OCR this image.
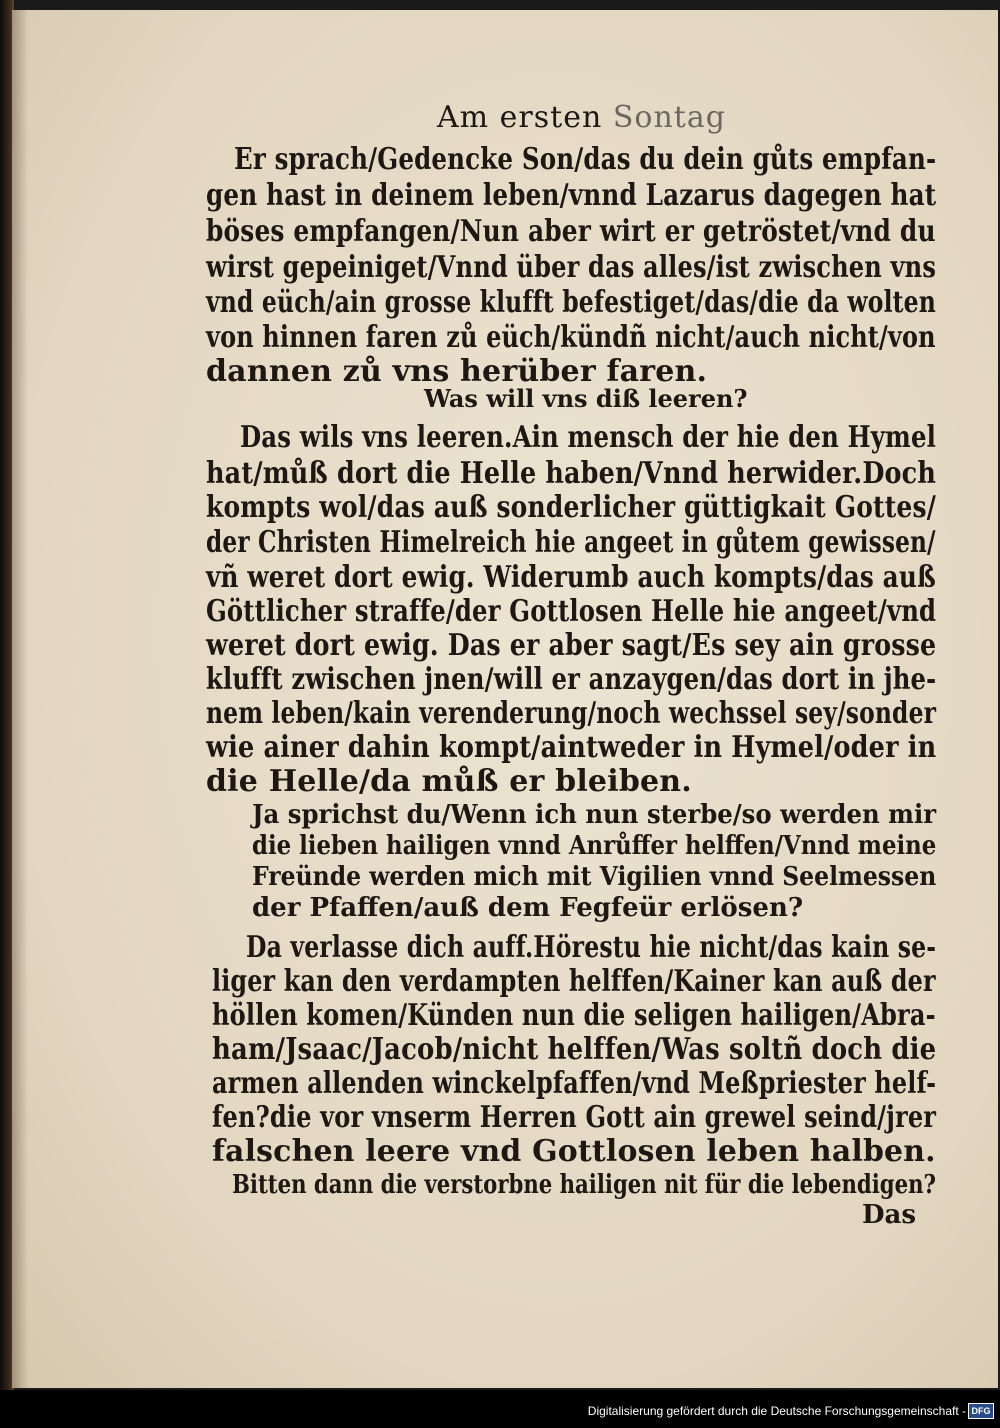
Am ersten Sontag
Er sprach/Gedencke Son/das du dein gůts empfan-
gen hast in deinem leben/vnnd Lazarus dagegen hat
böses empfangen/Nun aber wirt er getröstet/vnd du
wirst gepeiniget/Vnnd über das alles/ist zwischen vns
vnd eüch/ain grosse klufft befestiget/das/die da wolten
von hinnen faren zů eüch/kündñ nicht/auch nicht/von
dannen zů vns herüber faren.
Was will vns diß leeren?
Das wils vns leeren.Ain mensch der hie den Hymel
hat/můß dort die Helle haben/Vnnd herwider.Doch
kompts wol/das auß sonderlicher güttigkait Gottes/
der Christen Himelreich hie angeet in gůtem gewissen/
vñ weret dort ewig. Widerumb auch kompts/das auß
Göttlicher straffe/der Gottlosen Helle hie angeet/vnd
weret dort ewig. Das er aber sagt/Es sey ain grosse
klufft zwischen jnen/will er anzaygen/das dort in jhe-
nem leben/kain verenderung/noch wechssel sey/sonder
wie ainer dahin kompt/aintweder in Hymel/oder in
die Helle/da můß er bleiben.
Ja sprichst du/Wenn ich nun sterbe/so werden mir
die lieben hailigen vnnd Anrůffer helffen/Vnnd meine
Freünde werden mich mit Vigilien vnnd Seelmessen
der Pfaffen/auß dem Fegfeür erlösen?
Da verlasse dich auff.Hörestu hie nicht/das kain se-
liger kan den verdampten helffen/Kainer kan auß der
höllen komen/Künden nun die seligen hailigen/Abra-
ham/Jsaac/Jacob/nicht helffen/Was soltñ doch die
armen allenden winckelpfaffen/vnd Meßpriester helf-
fen?die vor vnserm Herren Gott ain grewel seind/jrer
falschen leere vnd Gottlosen leben halben.
Bitten dann die verstorbne hailigen nit für die lebendigen?
Das
Digitalisierung gefördert durch die Deutsche Forschungsgemeinschaft - DFG
